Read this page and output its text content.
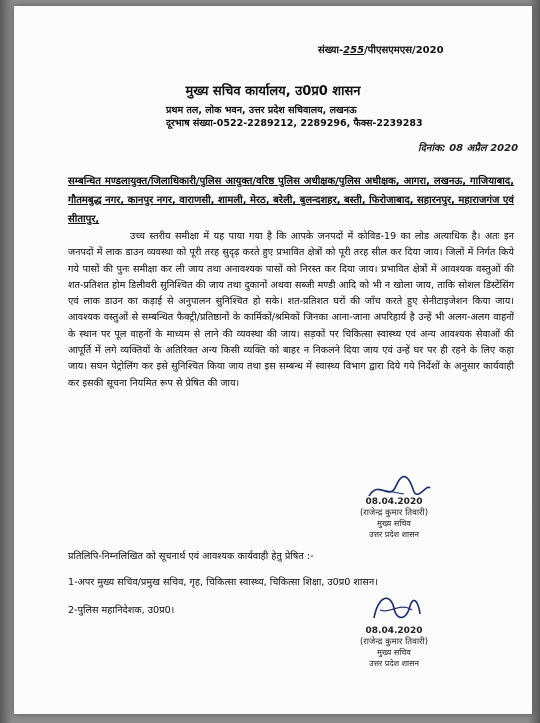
संख्या-255/पीएसएमएस/2020
मुख्य सचिव कार्यालय, उ0प्र0 शासन
प्रथम तल, लोक भवन, उत्तर प्रदेश सचिवालय, लखनऊ
दूरभाष संख्या-0522-2289212, 2289296, फैक्स-2239283
दिनांक: 08 अप्रैल 2020
सम्बन्धित मण्डलायुक्त/जिलाधिकारी/पुलिस आयुक्त/वरिष्ठ पुलिस अधीक्षक/पुलिस अधीक्षक, आगरा, लखनऊ, गाजियाबाद, गौतमबुद्ध नगर, कानपुर नगर, वाराणसी, शामली, मेरठ, बरेली, बुलन्दशहर, बस्ती, फिरोजाबाद, सहारनपुर, महाराजगंज एवं सीतापुर,
उच्च स्तरीय समीक्षा में यह पाया गया है कि आपके जनपदों में कोविड-19 का लोड अत्याधिक है। अतः इन जनपदों में लाक डाउन व्यवस्था को पूरी तरह सुदृढ़ करते हुए प्रभावित क्षेत्रों को पूरी तरह सील कर दिया जाय। जिलों में निर्गत किये गये पासों की पुनः समीक्षा कर ली जाय तथा अनावश्यक पासों को निरस्त कर दिया जाय। प्रभावित क्षेत्रों में आवश्यक वस्तुओं की शत-प्रतिशत होम डिलीवरी सुनिश्चित की जाय तथा दुकानों अथवा सब्जी मण्डी आदि को भी न खोला जाय, ताकि सोशल डिस्टेंसिंग एवं लाक डाउन का कड़ाई से अनुपालन सुनिश्चित हो सके। शत-प्रतिशत घरों की जाँच करते हुए सेनीटाइजेशन किया जाय। आवश्यक वस्तुओं से सम्बन्धित फैक्ट्री/प्रतिष्ठानों के कार्मिकों/श्रमिकों जिनका आना-जाना अपरिहार्य है उन्हें भी अलग-अलग वाहनों के स्थान पर पूल वाहनों के माध्यम से लाने की व्यवस्था की जाय। सड़कों पर चिकित्सा स्वास्थ्य एवं अन्य आवश्यक सेवाओं की आपूर्ति में लगे व्यक्तियों के अतिरिक्त अन्य किसी व्यक्ति को बाहर न निकलने दिया जाय एवं उन्हें घर पर ही रहने के लिए कहा जाय। सघन पेट्रोलिंग कर इसे सुनिश्चित किया जाय तथा इस सम्बन्ध में स्वास्थ्य विभाग द्वारा दिये गये निर्देशों के अनुसार कार्यवाही कर इसकी सूचना नियमित रूप से प्रेषित की जाय।
08.04.2020
(राजेन्द्र कुमार तिवारी)
मुख्य सचिव
उत्तर प्रदेश शासन
प्रतिलिपि-निम्नलिखित को सूचनार्थ एवं आवश्यक कार्यवाही हेतु प्रेषित :-
1-अपर मुख्य सचिव/प्रमुख सचिव, गृह, चिकित्सा स्वास्थ्य, चिकित्सा शिक्षा, उ0प्र0 शासन।
2-पुलिस महानिदेशक, उ0प्र0।
08.04.2020
(राजेन्द्र कुमार तिवारी)
मुख्य सचिव
उत्तर प्रदेश शासन
